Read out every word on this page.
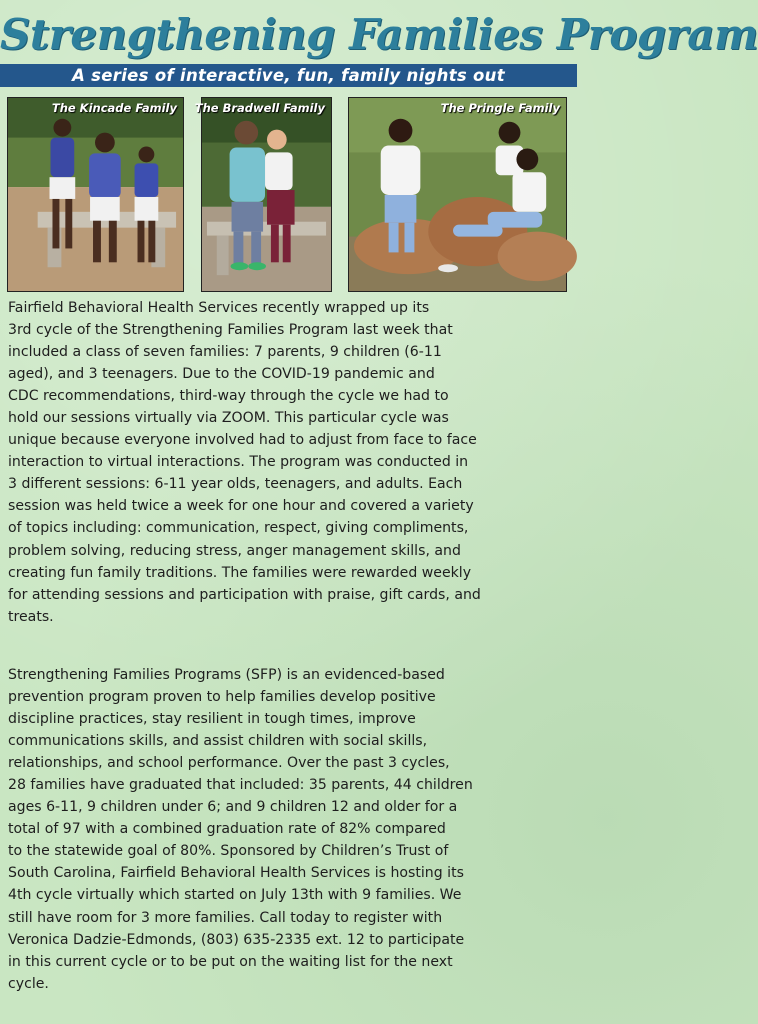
Strengthening Families Program
A series of interactive, fun, family nights out
The Kincade Family The Bradwell Family	The Pringle Family
Fairfield Behavioral Health Services recently wrapped up its
3rd cycle of the Strengthening Families Program last week that
included a class of seven families: 7 parents, 9 children (6-11
aged), and 3 teenagers. Due to the COVID-19 pandemic and
CDC recommendations, third-way through the cycle we had to
hold our sessions virtually via ZOOM. This particular cycle was
unique because everyone involved had to adjust from face to face
interaction to virtual interactions. The program was conducted in
3 different sessions: 6-11 year olds, teenagers, and adults. Each
session was held twice a week for one hour and covered a variety
of topics including: communication, respect, giving compliments,
problem solving, reducing stress, anger management skills, and
creating fun family traditions. The families were rewarded weekly
for attending sessions and participation with praise, gift cards, and
treats.
Strengthening Families Programs (SFP) is an evidenced-based
prevention program proven to help families develop positive
discipline practices, stay resilient in tough times, improve
communications skills, and assist children with social skills,
relationships, and school performance. Over the past 3 cycles,
28 families have graduated that included: 35 parents, 44 children
ages 6-11, 9 children under 6; and 9 children 12 and older for a
total of 97 with a combined graduation rate of 82% compared
to the statewide goal of 80%. Sponsored by Children’s Trust of
South Carolina, Fairfield Behavioral Health Services is hosting its
4th cycle virtually which started on July 13th with 9 families. We
still have room for 3 more families. Call today to register with
Veronica Dadzie-Edmonds, (803) 635-2335 ext. 12 to participate
in this current cycle or to be put on the waiting list for the next
cycle.
